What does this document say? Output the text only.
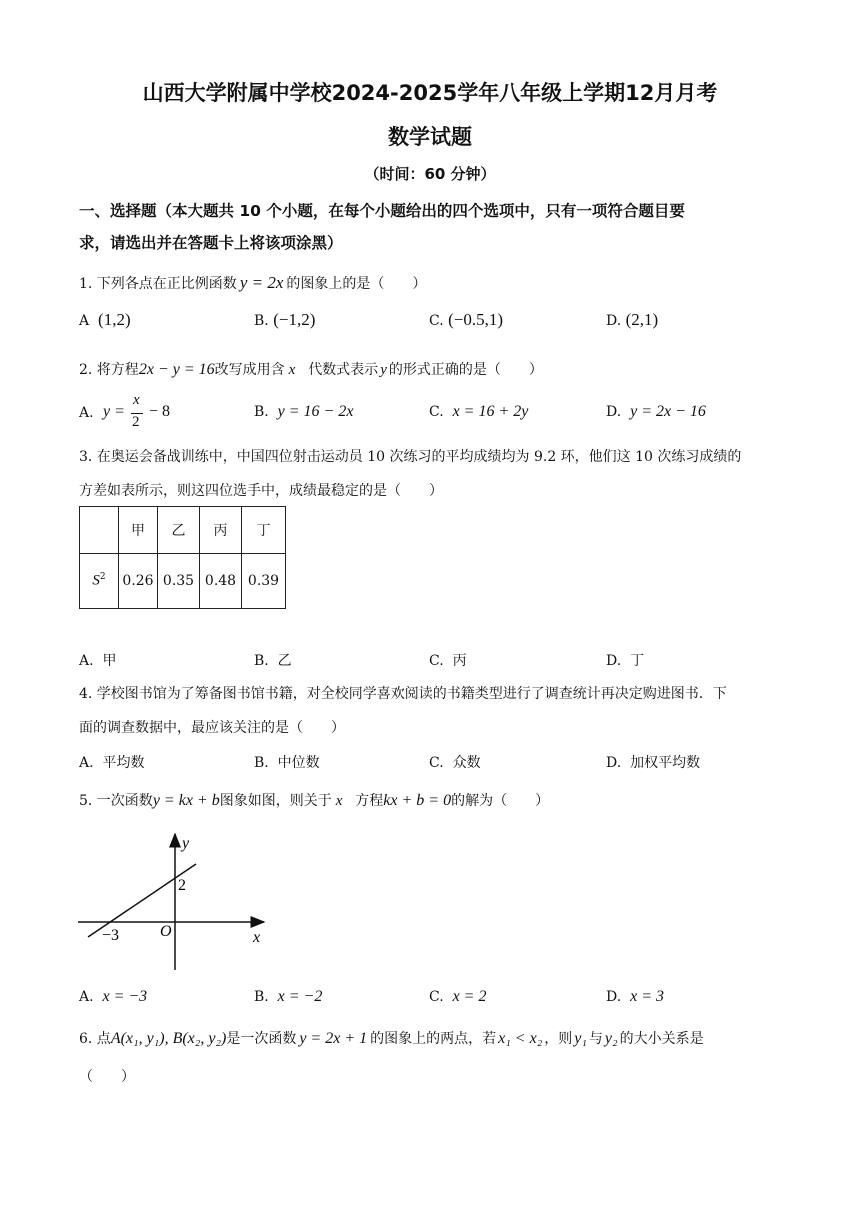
山西大学附属中学校2024-2025学年八年级上学期12月月考
数学试题
（时间：60 分钟）
一、选择题（本大题共 10 个小题，在每个小题给出的四个选项中，只有一项符合题目要
求，请选出并在答题卡上将该项涂黑）
1. 下列各点在正比例函数 y = 2x 的图象上的是（　　）
A (1,2)	B. (−1,2)	C. (−0.5,1)	D. (2,1)
2. 将方程2x − y = 16改写成用含 x 代数式表示 y 的形式正确的是（　　）
A. y =
x
2
− 8	B. y = 16 − 2x	C. x = 16 + 2y	D. y = 2x − 16
3. 在奥运会备战训练中，中国四位射击运动员 10 次练习的平均成绩均为 9.2 环，他们这 10 次练习成绩的
方差如表所示，则这四位选手中，成绩最稳定的是（　　）
	甲	乙	丙	丁
$S^2$	0.26	0.35	0.48	0.39
A. 甲	B. 乙	C. 丙	D. 丁
4. 学校图书馆为了筹备图书馆书籍，对全校同学喜欢阅读的书籍类型进行了调查统计再决定购进图书．下
面的调查数据中，最应该关注的是（　　）
A. 平均数	B. 中位数	C. 众数	D. 加权平均数
5. 一次函数y = kx + b图象如图，则关于 x 方程kx + b = 0的解为（　　）
y
x
O
2
−3
A. x = −3	B. x = −2	C. x = 2	D. x = 3
6. 点A(x₁, y₁), B(x₂, y₂)是一次函数 y = 2x + 1 的图象上的两点，若 x₁ < x₂ ，则 y₁ 与 y₂ 的大小关系是
（　　）
